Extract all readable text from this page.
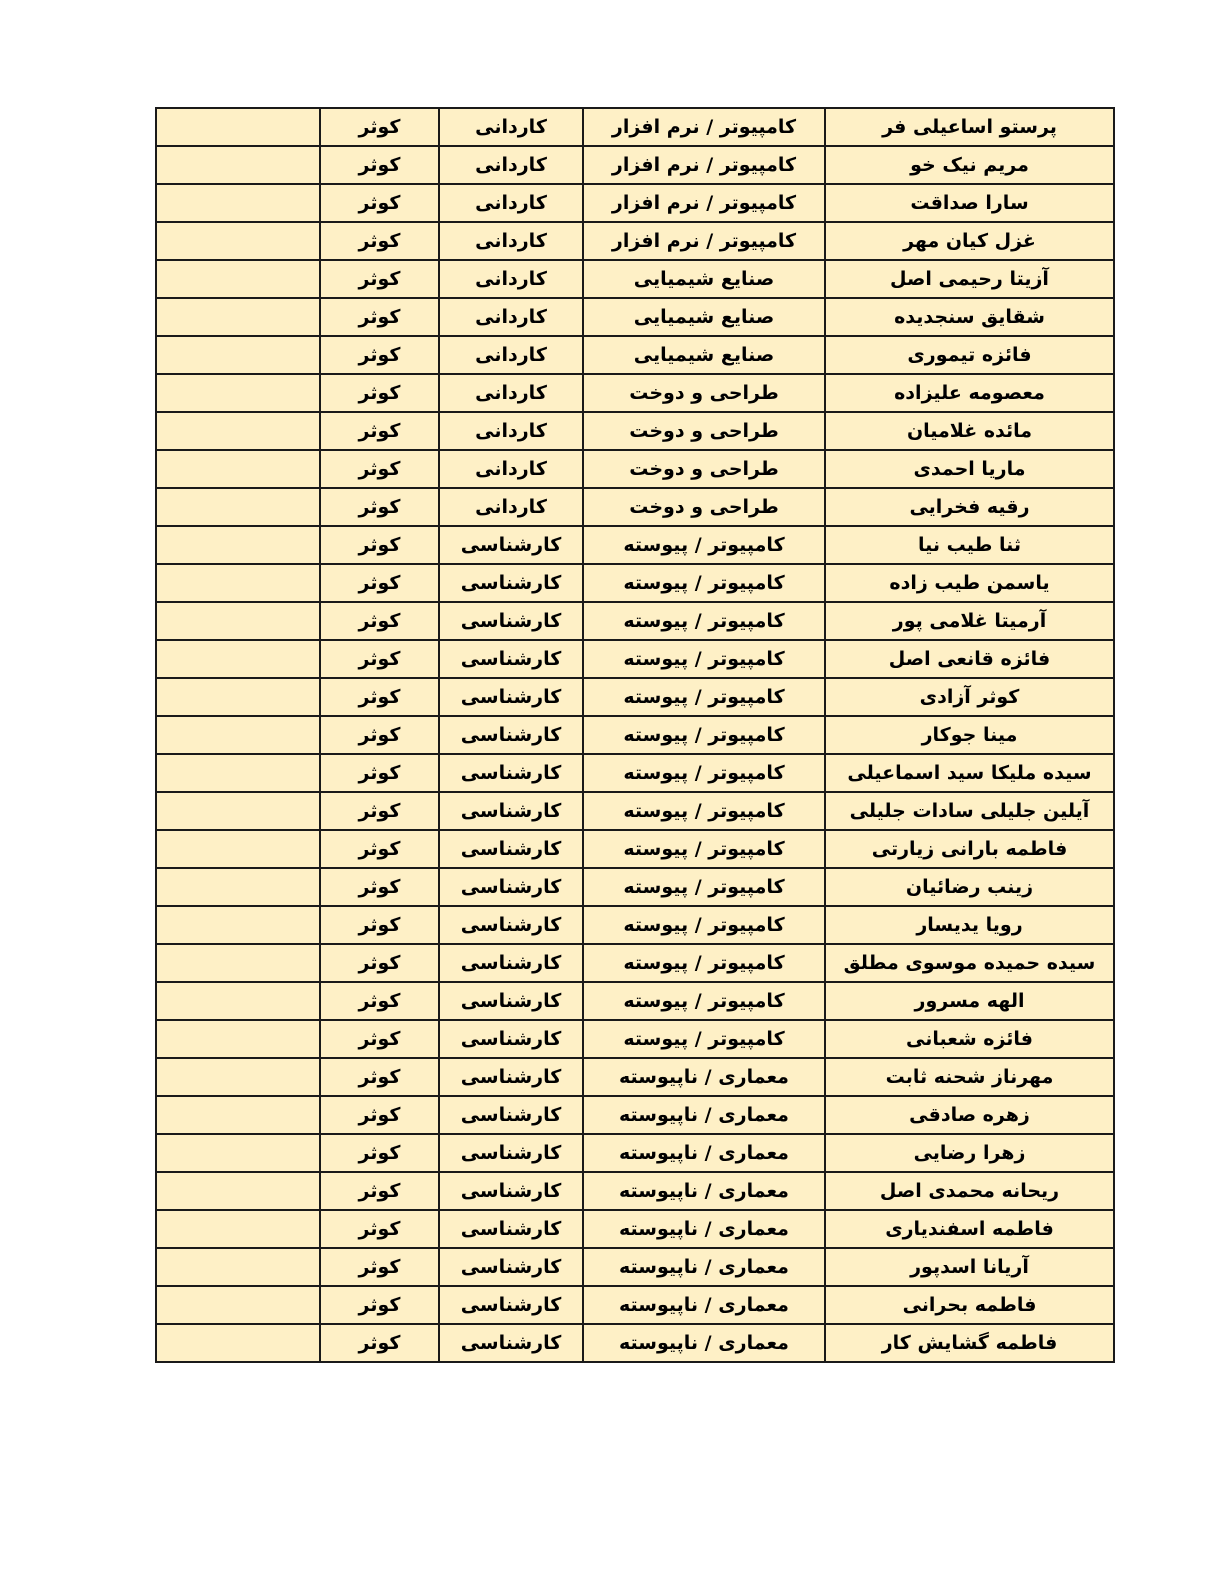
پرستو اساعیلی فر	کامپیوتر / نرم افزار	کاردانی	کوثر	
مریم نیک خو	کامپیوتر / نرم افزار	کاردانی	کوثر	
سارا صداقت	کامپیوتر / نرم افزار	کاردانی	کوثر	
غزل کیان مهر	کامپیوتر / نرم افزار	کاردانی	کوثر	
آزیتا رحیمی اصل	صنایع شیمیایی	کاردانی	کوثر	
شقایق سنجدیده	صنایع شیمیایی	کاردانی	کوثر	
فائزه تیموری	صنایع شیمیایی	کاردانی	کوثر	
معصومه علیزاده	طراحی و دوخت	کاردانی	کوثر	
مائده غلامیان	طراحی و دوخت	کاردانی	کوثر	
ماریا احمدی	طراحی و دوخت	کاردانی	کوثر	
رقیه فخرایی	طراحی و دوخت	کاردانی	کوثر	
ثنا طیب نیا	کامپیوتر / پیوسته	کارشناسی	کوثر	
یاسمن طیب زاده	کامپیوتر / پیوسته	کارشناسی	کوثر	
آرمیتا غلامی پور	کامپیوتر / پیوسته	کارشناسی	کوثر	
فائزه قانعی اصل	کامپیوتر / پیوسته	کارشناسی	کوثر	
کوثر آزادی	کامپیوتر / پیوسته	کارشناسی	کوثر	
مینا جوکار	کامپیوتر / پیوسته	کارشناسی	کوثر	
سیده ملیکا سید اسماعیلی	کامپیوتر / پیوسته	کارشناسی	کوثر	
آیلین جلیلی سادات جلیلی	کامپیوتر / پیوسته	کارشناسی	کوثر	
فاطمه بارانی زیارتی	کامپیوتر / پیوسته	کارشناسی	کوثر	
زینب رضائیان	کامپیوتر / پیوسته	کارشناسی	کوثر	
رویا یدیسار	کامپیوتر / پیوسته	کارشناسی	کوثر	
سیده حمیده موسوی مطلق	کامپیوتر / پیوسته	کارشناسی	کوثر	
الهه مسرور	کامپیوتر / پیوسته	کارشناسی	کوثر	
فائزه شعبانی	کامپیوتر / پیوسته	کارشناسی	کوثر	
مهرناز شحنه ثابت	معماری / ناپیوسته	کارشناسی	کوثر	
زهره صادقی	معماری / ناپیوسته	کارشناسی	کوثر	
زهرا رضایی	معماری / ناپیوسته	کارشناسی	کوثر	
ریحانه محمدی اصل	معماری / ناپیوسته	کارشناسی	کوثر	
فاطمه اسفندیاری	معماری / ناپیوسته	کارشناسی	کوثر	
آریانا اسدپور	معماری / ناپیوسته	کارشناسی	کوثر	
فاطمه بحرانی	معماری / ناپیوسته	کارشناسی	کوثر	
فاطمه گشایش کار	معماری / ناپیوسته	کارشناسی	کوثر	
